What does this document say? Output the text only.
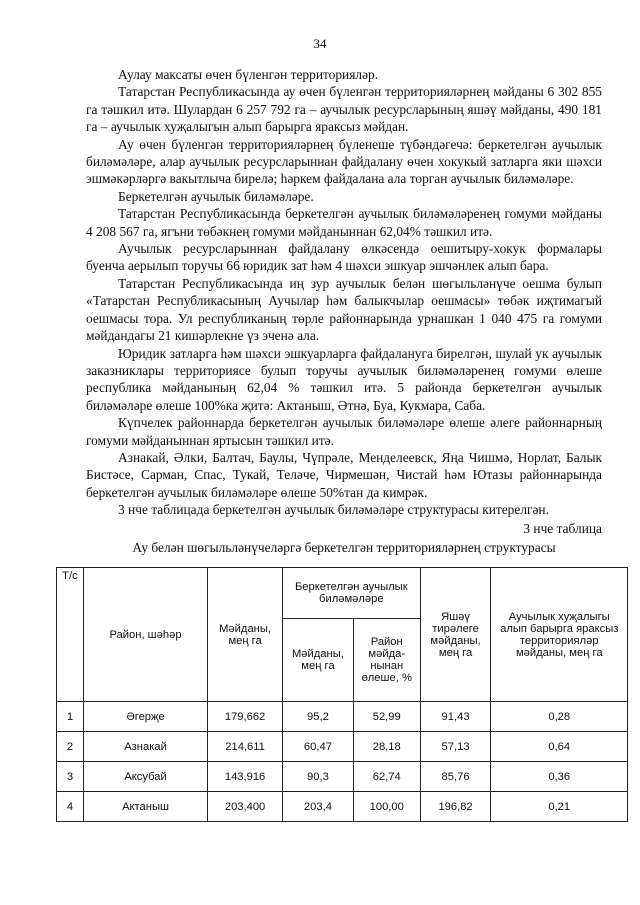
34

Аулау максаты өчен бүленгән территорияләр.

Татарстан Республикасында ау өчен бүленгән территорияләрнең мәйданы 6 302 855 га тәшкил итә. Шулардан 6 257 792 га – аучылык ресурсларының яшәү мәйданы, 490 181 га – аучылык хуҗалыгын алып барырга яраксыз мәйдан.

Ау өчен бүленгән территорияләрнең бүленеше түбәндәгечә: беркетелгән аучылык биләмәләре, алар аучылык ресурсларыннан файдалану өчен хокукый затларга яки шәхси эшмәкәрләргә вакытлыча бирелә; һәркем файдалана ала торган аучылык биләмәләре.

Беркетелгән аучылык биләмәләре.

Татарстан Республикасында беркетелгән аучылык биләмәләренең гомуми мәйданы 4 208 567 га, ягъни төбәкнең гомуми мәйданыннан 62,04% тәшкил итә.

Аучылык ресурсларыннан файдалану өлкәсендә оешитыру-хокук формалары буенча аерылып торучы 66 юридик зат һәм 4 шәхси эшкуар эшчәнлек алып бара.

Татарстан Республикасында иң зур аучылык белән шөгыльләнүче оешма булып «Татарстан Республикасының Аучылар һәм балыкчылар оешмасы» төбәк иҗтимагый оешмасы тора. Ул республиканың төрле районнарында урнашкан 1 040 475 га гомуми мәйдандагы 21 кишәрлекне үз эченә ала.

Юридик затларга һәм шәхси эшкуарларга файдалануга бирелгән, шулай ук аучылык заказниклары территориясе булып торучы аучылык биләмәләренең гомуми өлеше республика мәйданының 62,04 % тәшкил итә. 5 районда беркетелгән аучылык биләмәләре өлеше 100%ка җитә: Актаныш, Әтнә, Буа, Кукмара, Саба.

Күпчелек районнарда беркетелгән аучылык биләмәләре өлеше әлеге районнарның гомуми мәйданыннан яртысын тәшкил итә.

Азнакай, Әлки, Балтач, Баулы, Чүпрәле, Менделеевск, Яңа Чишмә, Норлат, Балык Бистәсе, Сарман, Спас, Тукай, Теләче, Чирмешән, Чистай һәм Ютазы районнарында беркетелгән аучылык биләмәләре өлеше 50%тан да кимрәк.

3 нче таблицада беркетелгән аучылык биләмәләре структурасы китерелгән.

3 нче таблица
Ау белән шөгыльләнүчеләргә беркетелгән территорияләрнең структурасы
Т/с	Район, шәһәр	Мәйданы, мең га	Беркетелгән аучылык биләмәләре		Яшәү тирәлеге мәйданы, мең га	Аучылык хуҗалыгы алып барырга яраксыз территорияләр мәйданы, мең га
			Мәйданы, мең га	Район мәйда-нынан өлеше, %		
1	Әгерҗе	179,662	95,2	52,99	91,43	0,28
2	Азнакай	214,611	60,47	28,18	57,13	0,64
3	Аксубай	143,916	90,3	62,74	85,76	0,36
4	Актаныш	203,400	203,4	100,00	196,82	0,21
